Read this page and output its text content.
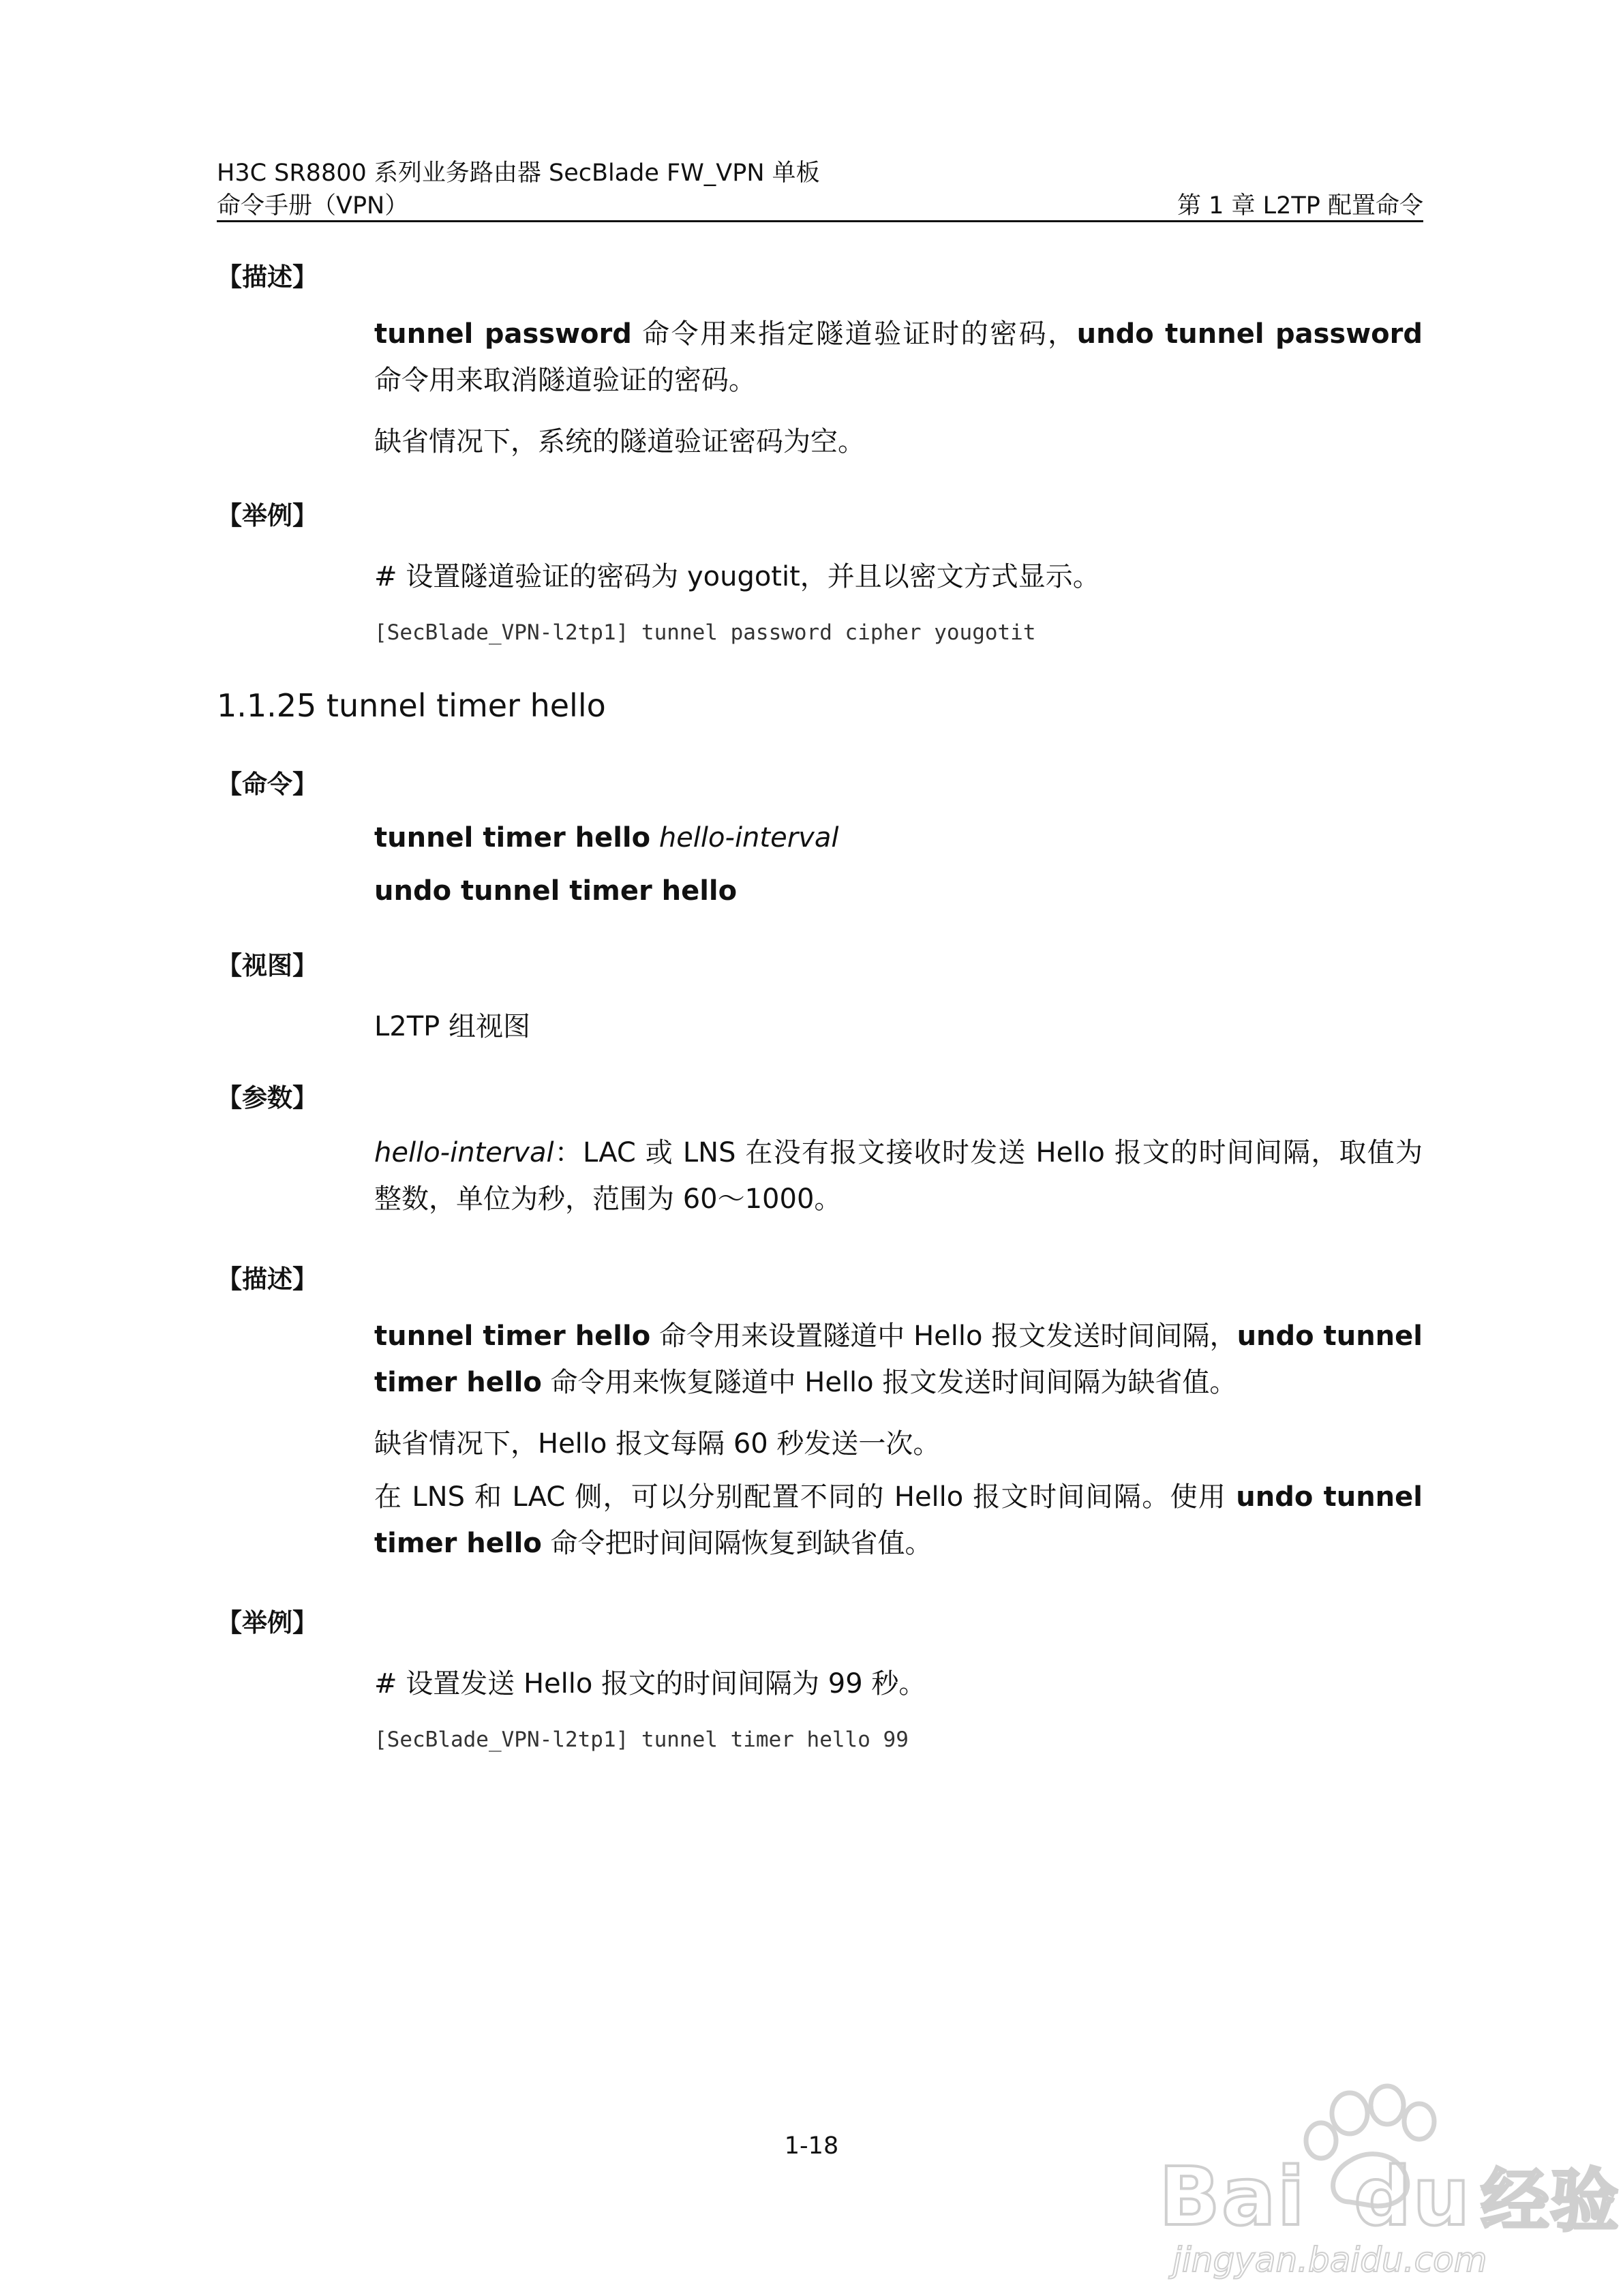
H3C SR8800 系列业务路由器 SecBlade FW_VPN 单板
命令手册（VPN）	第 1 章 L2TP 配置命令
【描述】
tunnel password 命令用来指定隧道验证时的密码，undo tunnel password 命令用来取消隧道验证的密码。
缺省情况下，系统的隧道验证密码为空。
【举例】
# 设置隧道验证的密码为 yougotit，并且以密文方式显示。
[SecBlade_VPN-l2tp1] tunnel password cipher yougotit
1.1.25 tunnel timer hello
【命令】
tunnel timer hello hello-interval
undo tunnel timer hello
【视图】
L2TP 组视图
【参数】
hello-interval：LAC 或 LNS 在没有报文接收时发送 Hello 报文的时间间隔，取值为整数，单位为秒，范围为 60～1000。
【描述】
tunnel timer hello 命令用来设置隧道中 Hello 报文发送时间间隔，undo tunnel timer hello 命令用来恢复隧道中 Hello 报文发送时间间隔为缺省值。
缺省情况下，Hello 报文每隔 60 秒发送一次。
在 LNS 和 LAC 侧，可以分别配置不同的 Hello 报文时间间隔。使用 undo tunnel timer hello 命令把时间间隔恢复到缺省值。
【举例】
# 设置发送 Hello 报文的时间间隔为 99 秒。
[SecBlade_VPN-l2tp1] tunnel timer hello 99
1-18
Bai du 经验
jingyan.baidu.com
